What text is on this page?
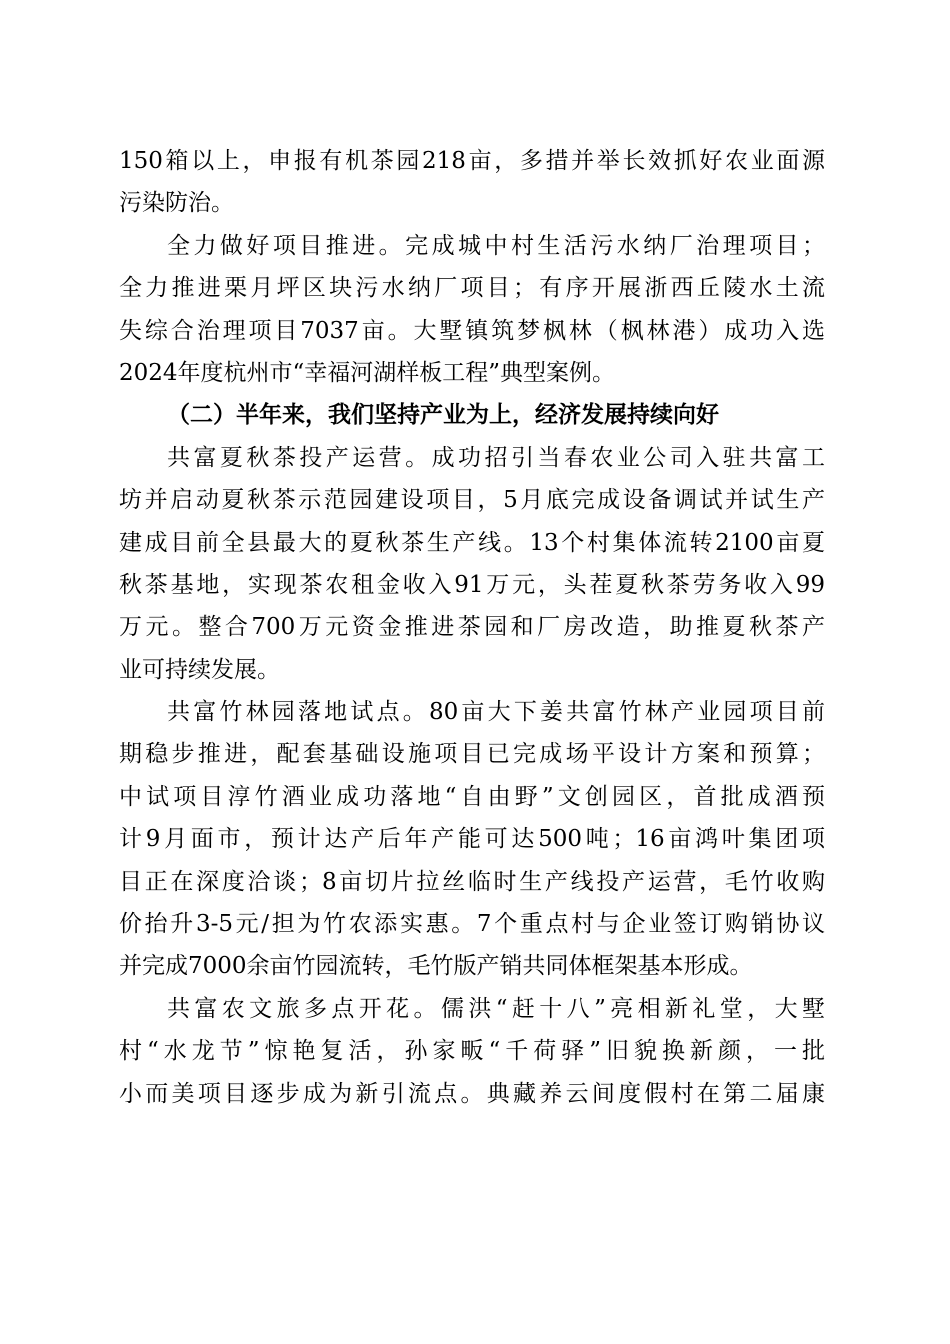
150箱以上，申报有机茶园218亩，多措并举长效抓好农业面源
污染防治。
全力做好项目推进。完成城中村生活污水纳厂治理项目；
全力推进栗月坪区块污水纳厂项目；有序开展浙西丘陵水土流
失综合治理项目7037亩。大墅镇筑梦枫林（枫林港）成功入选
2024年度杭州市“幸福河湖样板工程”典型案例。
（二）半年来，我们坚持产业为上，经济发展持续向好
共富夏秋茶投产运营。成功招引当春农业公司入驻共富工
坊并启动夏秋茶示范园建设项目，5月底完成设备调试并试生产
建成目前全县最大的夏秋茶生产线。13个村集体流转2100亩夏
秋茶基地，实现茶农租金收入91万元，头茬夏秋茶劳务收入99
万元。整合700万元资金推进茶园和厂房改造，助推夏秋茶产
业可持续发展。
共富竹林园落地试点。80亩大下姜共富竹林产业园项目前
期稳步推进，配套基础设施项目已完成场平设计方案和预算；
中试项目淳竹酒业成功落地“自由野”文创园区，首批成酒预
计9月面市，预计达产后年产能可达500吨；16亩鸿叶集团项
目正在深度洽谈；8亩切片拉丝临时生产线投产运营，毛竹收购
价抬升3-5元/担为竹农添实惠。7个重点村与企业签订购销协议
并完成7000余亩竹园流转，毛竹版产销共同体框架基本形成。
共富农文旅多点开花。儒洪“赶十八”亮相新礼堂，大墅
村“水龙节”惊艳复活，孙家畈“千荷驿”旧貌换新颜，一批
小而美项目逐步成为新引流点。典藏养云间度假村在第二届康
